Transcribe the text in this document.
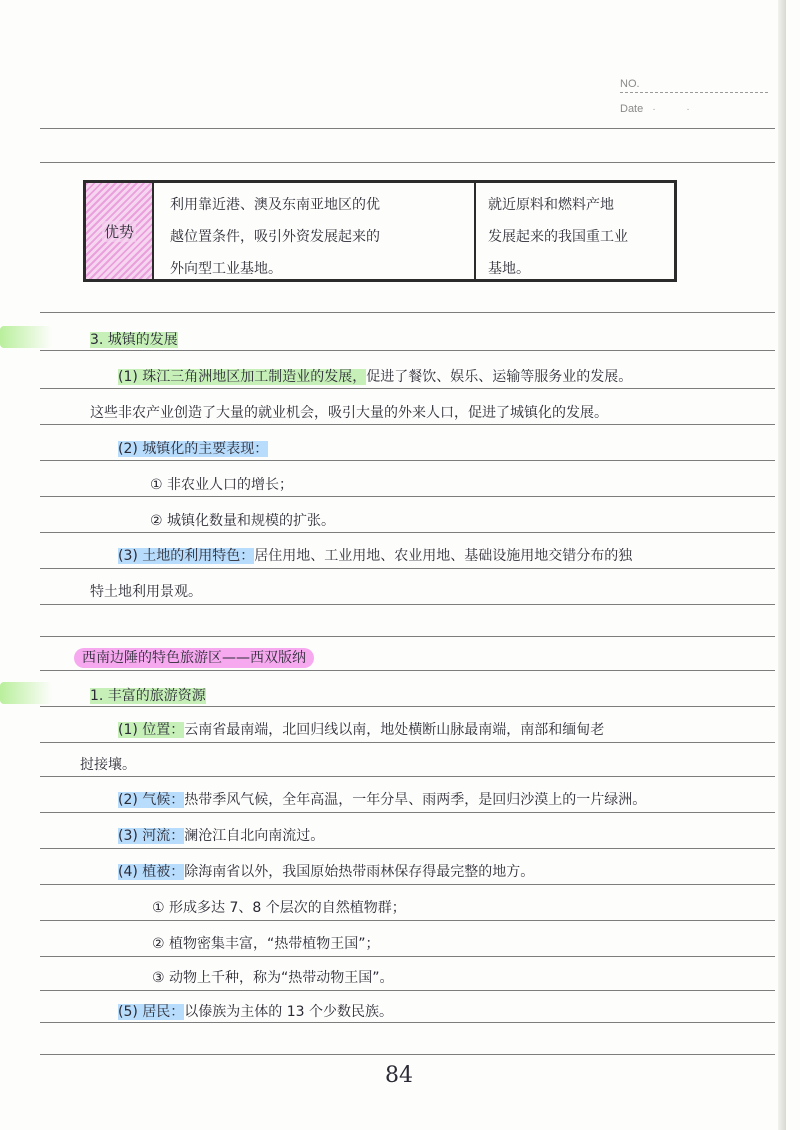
NO.
Date · ·
优势
利用靠近港、澳及东南亚地区的优
越位置条件，吸引外资发展起来的
外向型工业基地。
就近原料和燃料产地
发展起来的我国重工业
基地。
3. 城镇的发展
(1) 珠江三角洲地区加工制造业的发展，促进了餐饮、娱乐、运输等服务业的发展。
这些非农产业创造了大量的就业机会，吸引大量的外来人口，促进了城镇化的发展。
(2) 城镇化的主要表现：
① 非农业人口的增长；
② 城镇化数量和规模的扩张。
(3) 土地的利用特色：居住用地、工业用地、农业用地、基础设施用地交错分布的独
特土地利用景观。
西南边陲的特色旅游区——西双版纳
1. 丰富的旅游资源
(1) 位置：云南省最南端，北回归线以南，地处横断山脉最南端，南部和缅甸老
挝接壤。
(2) 气候：热带季风气候，全年高温，一年分旱、雨两季，是回归沙漠上的一片绿洲。
(3) 河流：澜沧江自北向南流过。
(4) 植被：除海南省以外，我国原始热带雨林保存得最完整的地方。
① 形成多达 7、8 个层次的自然植物群；
② 植物密集丰富，“热带植物王国”；
③ 动物上千种，称为“热带动物王国”。
(5) 居民：以傣族为主体的 13 个少数民族。
84
